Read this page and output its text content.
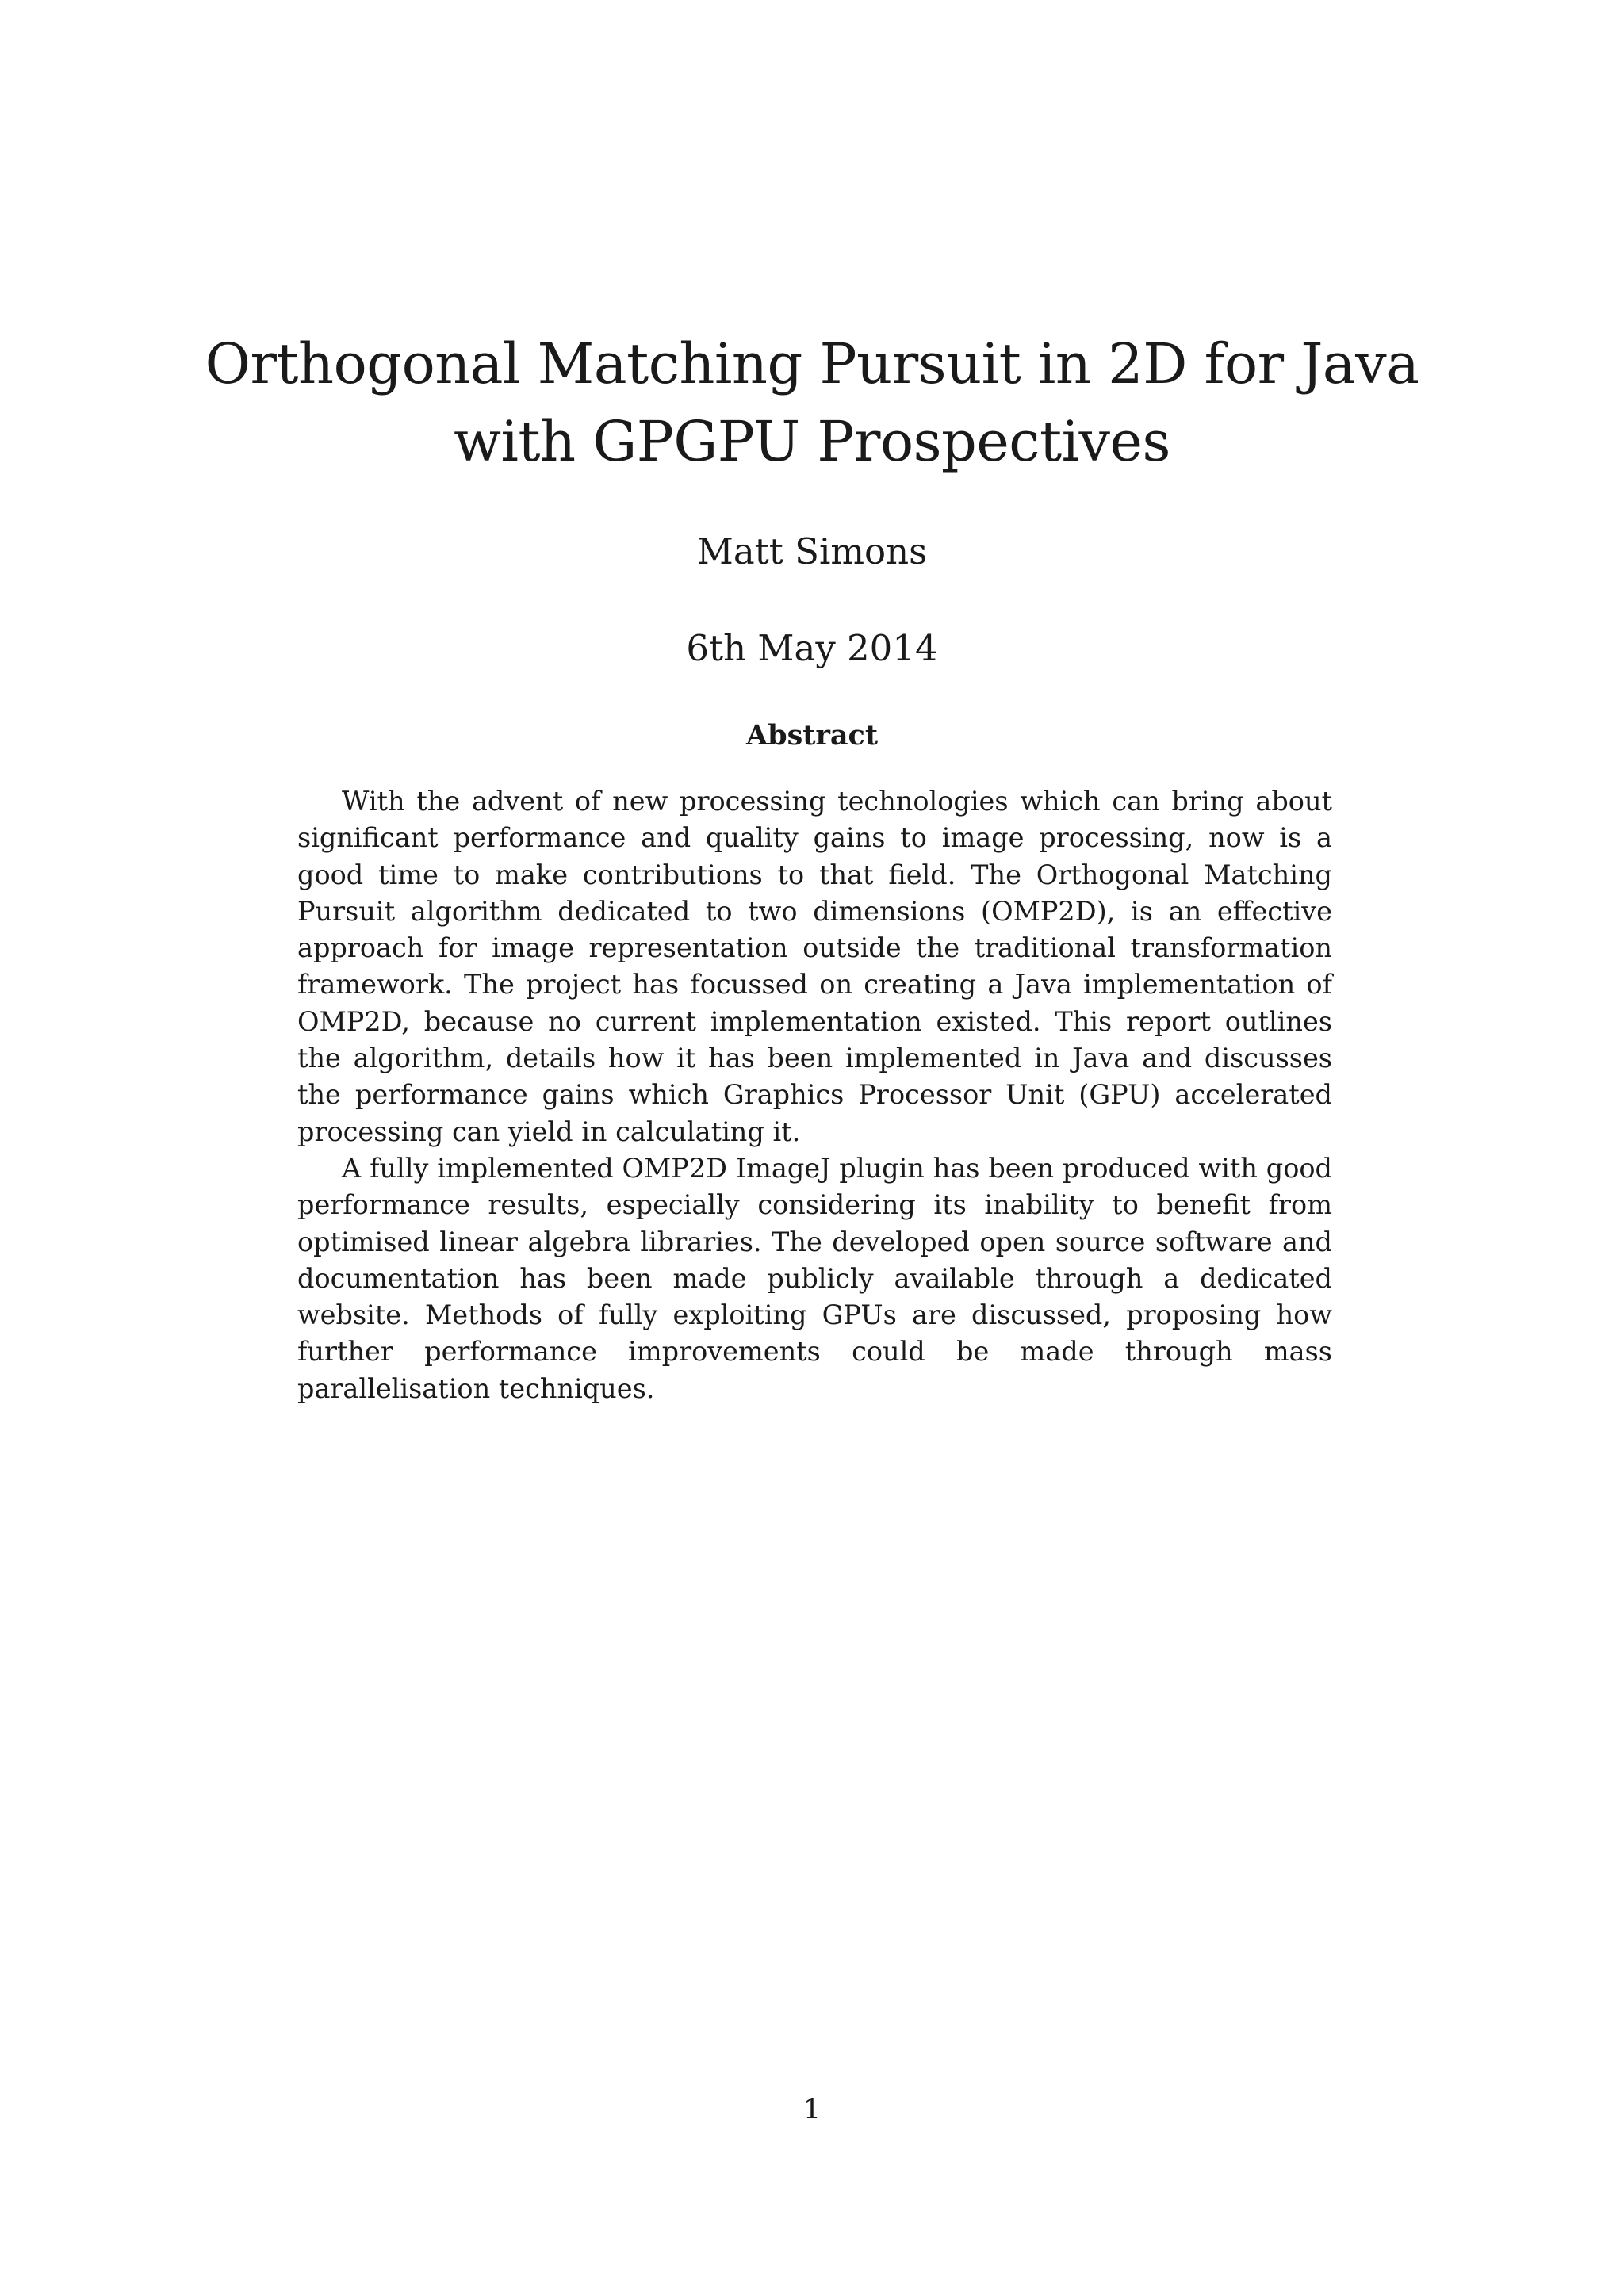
Orthogonal Matching Pursuit in 2D for Java with GPGPU Prospectives
Matt Simons
6th May 2014
Abstract

With the advent of new processing technologies which can bring about significant performance and quality gains to image processing, now is a good time to make contributions to that field. The Orthogonal Matching Pursuit algorithm dedicated to two dimensions (OMP2D), is an effective approach for image representation outside the traditional transformation framework. The project has focussed on creating a Java implementation of OMP2D, because no current implementation existed. This report outlines the algorithm, details how it has been implemented in Java and discusses the performance gains which Graphics Processor Unit (GPU) accelerated processing can yield in calculating it.

A fully implemented OMP2D ImageJ plugin has been produced with good performance results, especially considering its inability to benefit from optimised linear algebra libraries. The developed open source software and documentation has been made publicly available through a dedicated website. Methods of fully exploiting GPUs are discussed, proposing how further performance improvements could be made through mass parallelisation techniques.

1
